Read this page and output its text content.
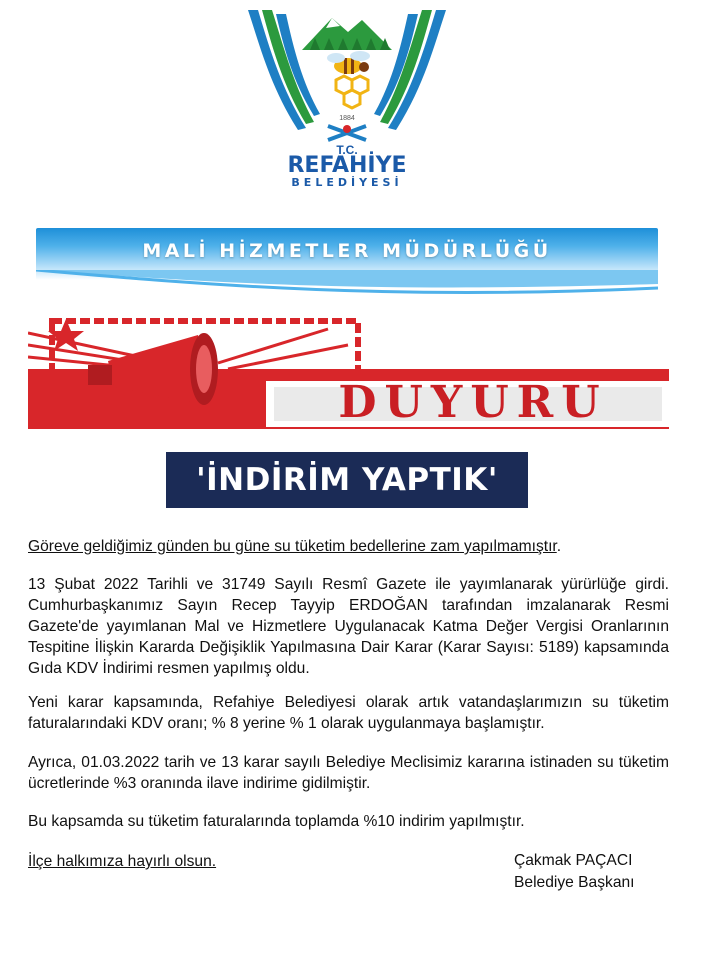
1884
T.C.
REFAHİYE
BELEDİYESİ
MALİ HİZMETLER MÜDÜRLÜĞÜ
DUYURU
'İNDİRİM YAPTIK'
Göreve geldiğimiz günden bu güne su tüketim bedellerine zam yapılmamıştır.
13 Şubat 2022 Tarihli ve 31749 Sayılı Resmî Gazete ile yayımlanarak yürürlüğe girdi. Cumhurbaşkanımız Sayın Recep Tayyip ERDOĞAN tarafından imzalanarak Resmi Gazete'de yayımlanan Mal ve Hizmetlere Uygulanacak Katma Değer Vergisi Oranlarının Tespitine İlişkin Kararda Değişiklik Yapılmasına Dair Karar (Karar Sayısı: 5189) kapsamında Gıda KDV İndirimi resmen yapılmış oldu.
Yeni karar kapsamında, Refahiye Belediyesi olarak artık vatandaşlarımızın su tüketim faturalarındaki KDV oranı; % 8 yerine % 1 olarak uygulanmaya başlamıştır.
Ayrıca, 01.03.2022 tarih ve 13 karar sayılı Belediye Meclisimiz kararına istinaden su tüketim ücretlerinde %3 oranında ilave indirime gidilmiştir.
Bu kapsamda su tüketim faturalarında toplamda %10 indirim yapılmıştır.
İlçe halkımıza hayırlı olsun.	Çakmak PAÇACI
Belediye Başkanı
